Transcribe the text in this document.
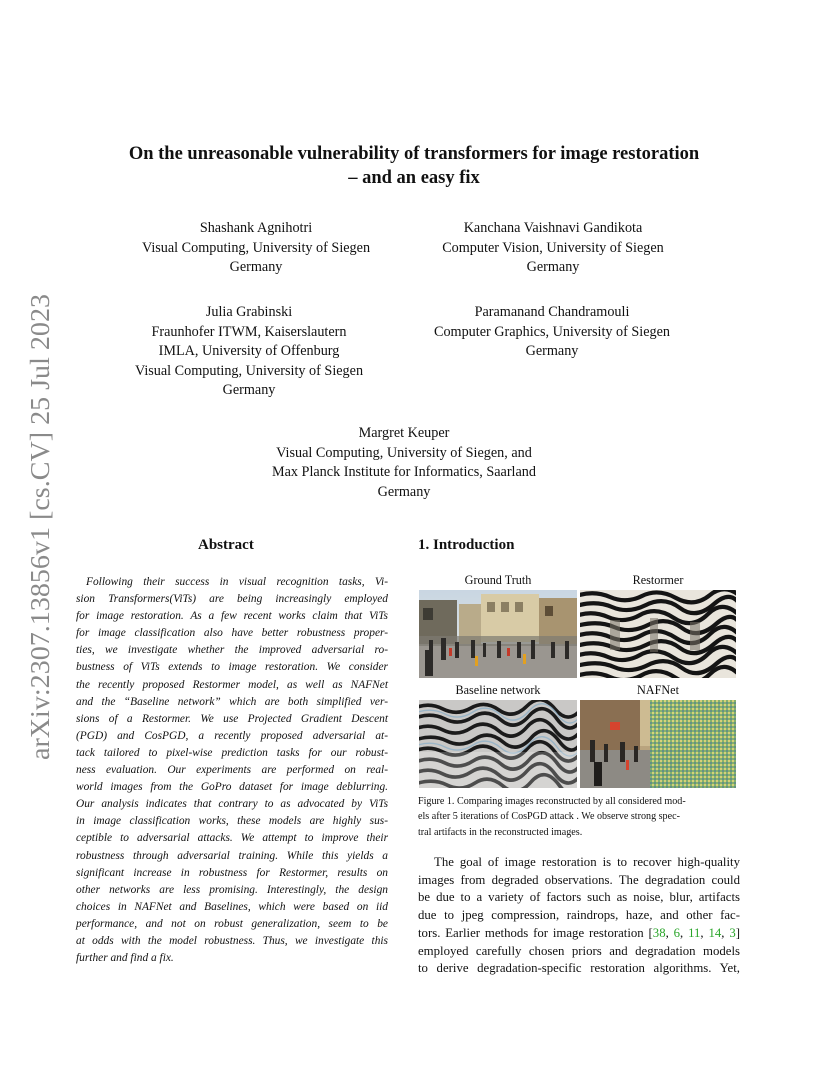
arXiv:2307.13856v1 [cs.CV] 25 Jul 2023
On the unreasonable vulnerability of transformers for image restoration
– and an easy fix
Shashank Agnihotri
Visual Computing, University of Siegen
Germany
Kanchana Vaishnavi Gandikota
Computer Vision, University of Siegen
Germany
Julia Grabinski
Fraunhofer ITWM, Kaiserslautern
IMLA, University of Offenburg
Visual Computing, University of Siegen
Germany
Paramanand Chandramouli
Computer Graphics, University of Siegen
Germany
Margret Keuper
Visual Computing, University of Siegen, and
Max Planck Institute for Informatics, Saarland
Germany
Abstract
Following their success in visual recognition tasks, Vi-
sion Transformers(ViTs) are being increasingly employed
for image restoration. As a few recent works claim that ViTs
for image classification also have better robustness proper-
ties, we investigate whether the improved adversarial ro-
bustness of ViTs extends to image restoration. We consider
the recently proposed Restormer model, as well as NAFNet
and the “Baseline network” which are both simplified ver-
sions of a Restormer. We use Projected Gradient Descent
(PGD) and CosPGD, a recently proposed adversarial at-
tack tailored to pixel-wise prediction tasks for our robust-
ness evaluation. Our experiments are performed on real-
world images from the GoPro dataset for image deblurring.
Our analysis indicates that contrary to as advocated by ViTs
in image classification works, these models are highly sus-
ceptible to adversarial attacks. We attempt to improve their
robustness through adversarial training. While this yields a
significant increase in robustness for Restormer, results on
other networks are less promising. Interestingly, the design
choices in NAFNet and Baselines, which were based on iid
performance, and not on robust generalization, seem to be
at odds with the model robustness. Thus, we investigate this
further and find a fix.
1. Introduction
Ground Truth	Restormer
Baseline network	NAFNet
Figure 1. Comparing images reconstructed by all considered mod-
els after 5 iterations of CosPGD attack . We observe strong spec-
tral artifacts in the reconstructed images.
The goal of image restoration is to recover high-quality
images from degraded observations. The degradation could
be due to a variety of factors such as noise, blur, artifacts
due to jpeg compression, raindrops, haze, and other fac-
tors. Earlier methods for image restoration [38, 6, 11, 14, 3]
employed carefully chosen priors and degradation models
to derive degradation-specific restoration algorithms. Yet,
